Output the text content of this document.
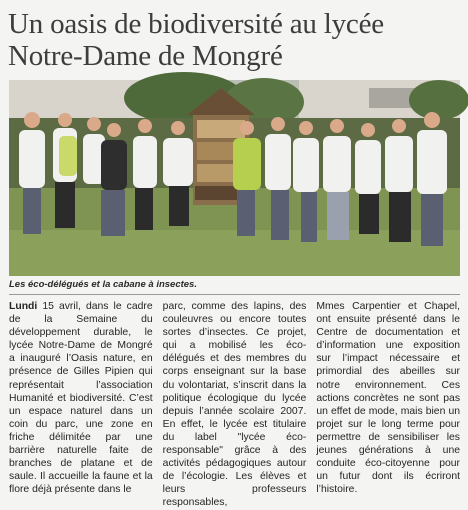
Un oasis de biodiversité au lycée Notre-Dame de Mongré
Les éco-délégués et la cabane à insectes.
Lundi 15 avril, dans le cadre de la Semaine du développement durable, le lycée Notre-Dame de Mongré a inauguré l’Oasis nature, en présence de Gilles Pipien qui représentait l’association Humanité et biodiversité. C’est un espace naturel dans un coin du parc, une zone en friche délimitée par une barrière naturelle faite de branches de platane et de saule. Il accueille la faune et la flore déjà présente dans le
parc, comme des lapins, des couleuvres ou encore toutes sortes d’insectes. Ce projet, qui a mobilisé les éco-délégués et des membres du corps enseignant sur la base du volontariat, s’inscrit dans la politique écologique du lycée depuis l’année scolaire 2007. En effet, le lycée est titulaire du label "lycée éco-responsable" grâce à des activités pédagogiques autour de l’écologie. Les élèves et leurs professeurs responsables,
Mmes Carpentier et Chapel, ont ensuite présenté dans le Centre de documentation et d’information une exposition sur l’impact nécessaire et primordial des abeilles sur notre environnement. Ces actions concrètes ne sont pas un effet de mode, mais bien un projet sur le long terme pour permettre de sensibiliser les jeunes générations à une conduite éco-citoyenne pour un futur dont ils écriront l’histoire.
